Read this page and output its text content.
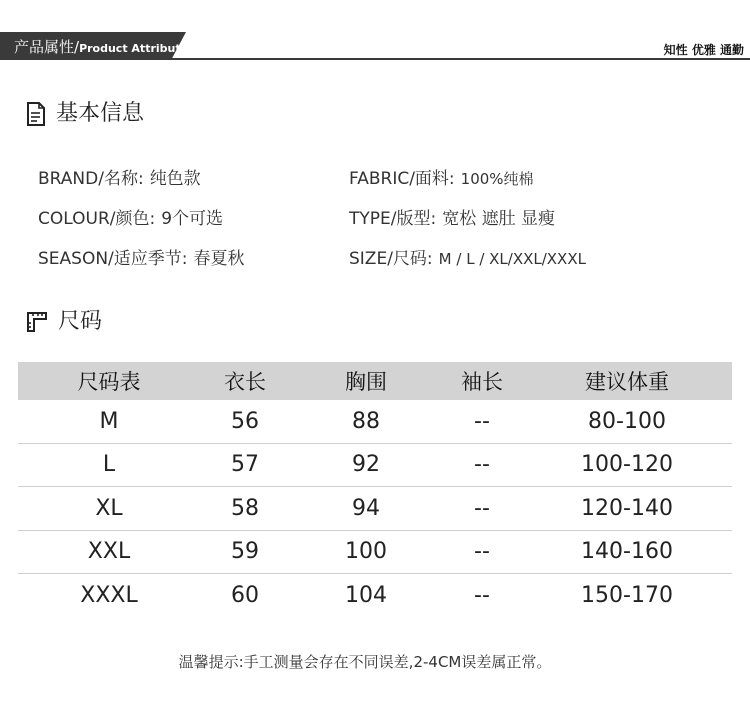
产品属性/Product Attributes	知性 优雅 通勤
基本信息
BRAND/名称: 纯色款	FABRIC/面料: 100%纯棉
COLOUR/颜色: 9个可选	TYPE/版型: 宽松 遮肚 显瘦
SEASON/适应季节: 春夏秋	SIZE/尺码: M / L / XL/XXL/XXXL
尺码
尺码表	衣长	胸围	袖长	建议体重
M	56	88	--	80-100
L	57	92	--	100-120
XL	58	94	--	120-140
XXL	59	100	--	140-160
XXXL	60	104	--	150-170
温馨提示:手工测量会存在不同误差,2-4CM误差属正常。
